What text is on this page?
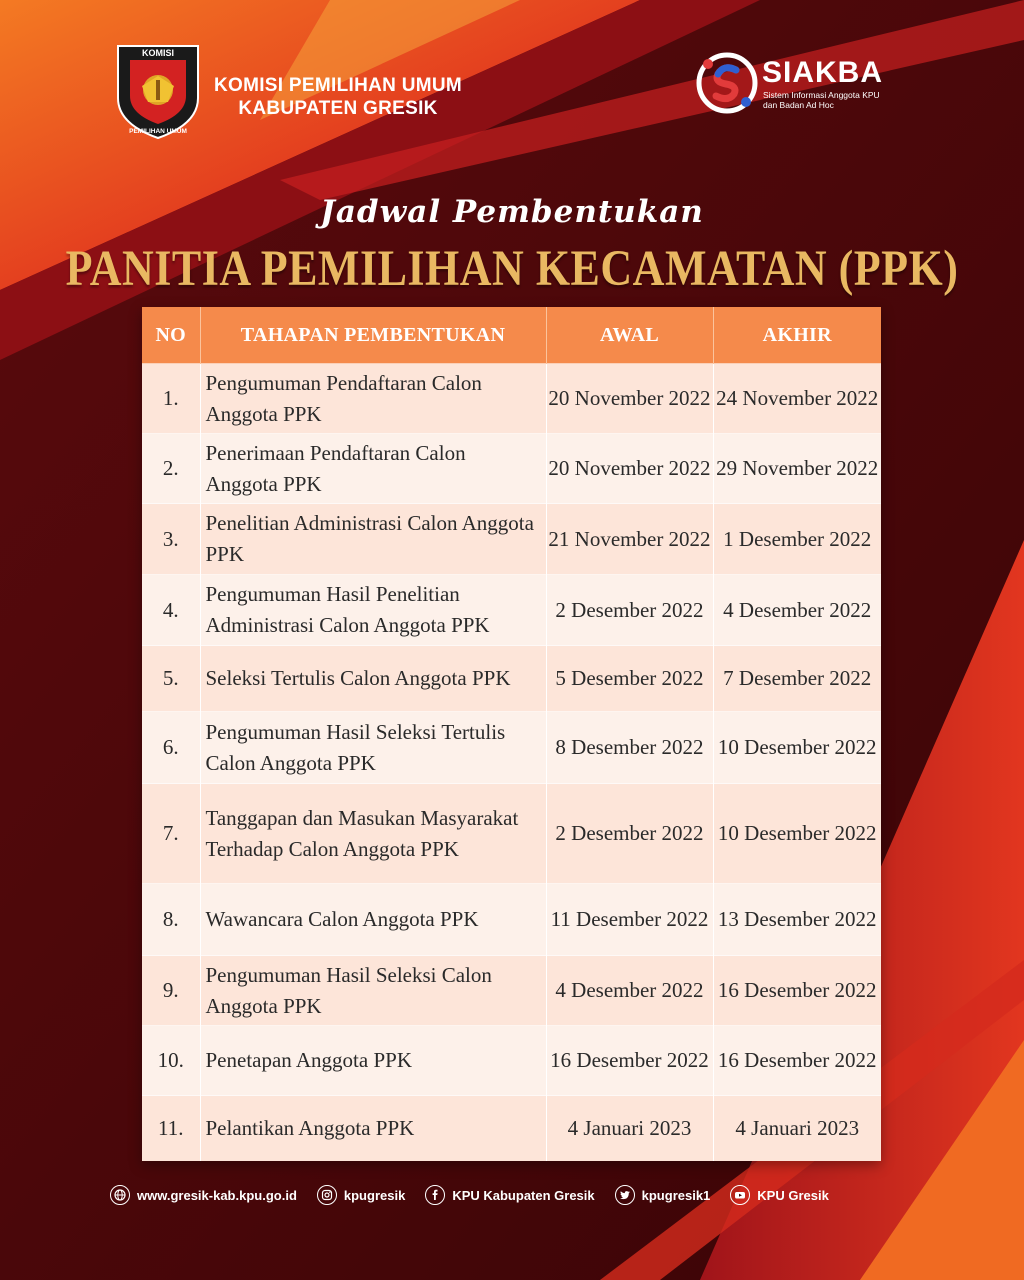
KOMISI
PEMILIHAN UMUM
KOMISI PEMILIHAN UMUM
KABUPATEN GRESIK
SIAKBA
Sistem Informasi Anggota KPU
dan Badan Ad Hoc
Jadwal Pembentukan
PANITIA PEMILIHAN KECAMATAN (PPK)
NO	TAHAPAN PEMBENTUKAN	AWAL	AKHIR
1.	Pengumuman Pendaftaran Calon Anggota PPK	20 November 2022	24 November 2022
2.	Penerimaan Pendaftaran Calon Anggota PPK	20 November 2022	29 November 2022
3.	Penelitian Administrasi Calon Anggota PPK	21 November 2022	1 Desember 2022
4.	Pengumuman Hasil Penelitian Administrasi Calon Anggota PPK	2 Desember 2022	4 Desember 2022
5.	Seleksi Tertulis Calon Anggota PPK	5 Desember 2022	7 Desember 2022
6.	Pengumuman Hasil Seleksi Tertulis Calon Anggota PPK	8 Desember 2022	10 Desember 2022
7.	Tanggapan dan Masukan Masyarakat Terhadap Calon Anggota PPK	2 Desember 2022	10 Desember 2022
8.	Wawancara Calon Anggota PPK	11 Desember 2022	13 Desember 2022
9.	Pengumuman Hasil Seleksi Calon Anggota PPK	4 Desember 2022	16 Desember 2022
10.	Penetapan Anggota PPK	16 Desember 2022	16 Desember 2022
11.	Pelantikan Anggota PPK	4 Januari 2023	4 Januari 2023
www.gresik-kab.kpu.go.id	kpugresik	KPU Kabupaten Gresik	kpugresik1	KPU Gresik
